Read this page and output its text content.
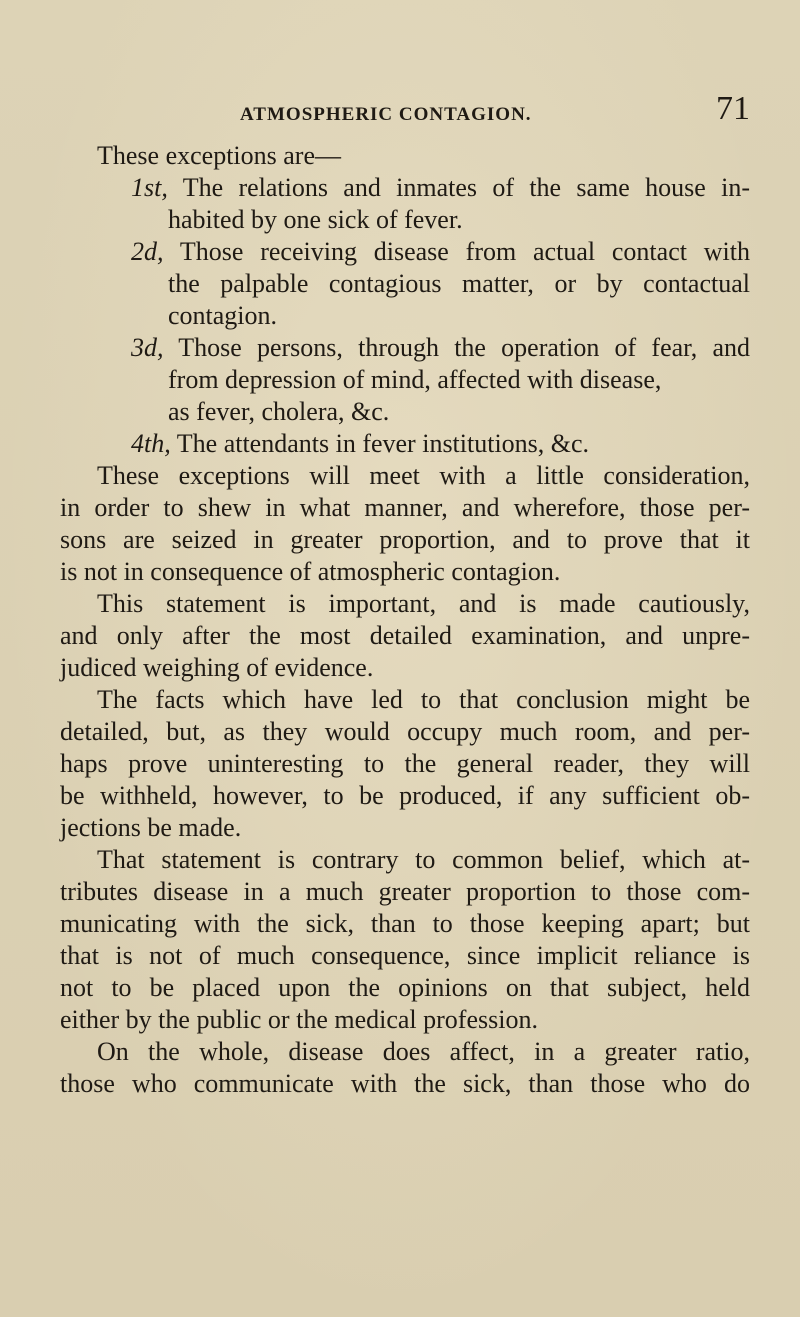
ATMOSPHERIC CONTAGION.	71
These exceptions are—
1st, The relations and inmates of the same house in-
habited by one sick of fever.
2d, Those receiving disease from actual contact with
the palpable contagious matter, or by contactual
contagion.
3d, Those persons, through the operation of fear, and
from depression of mind, affected with disease,
as fever, cholera, &c.
4th, The attendants in fever institutions, &c.
These exceptions will meet with a little consideration,
in order to shew in what manner, and wherefore, those per-
sons are seized in greater proportion, and to prove that it
is not in consequence of atmospheric contagion.
This statement is important, and is made cautiously,
and only after the most detailed examination, and unpre-
judiced weighing of evidence.
The facts which have led to that conclusion might be
detailed, but, as they would occupy much room, and per-
haps prove uninteresting to the general reader, they will
be withheld, however, to be produced, if any sufficient ob-
jections be made.
That statement is contrary to common belief, which at-
tributes disease in a much greater proportion to those com-
municating with the sick, than to those keeping apart; but
that is not of much consequence, since implicit reliance is
not to be placed upon the opinions on that subject, held
either by the public or the medical profession.
On the whole, disease does affect, in a greater ratio,
those who communicate with the sick, than those who do
